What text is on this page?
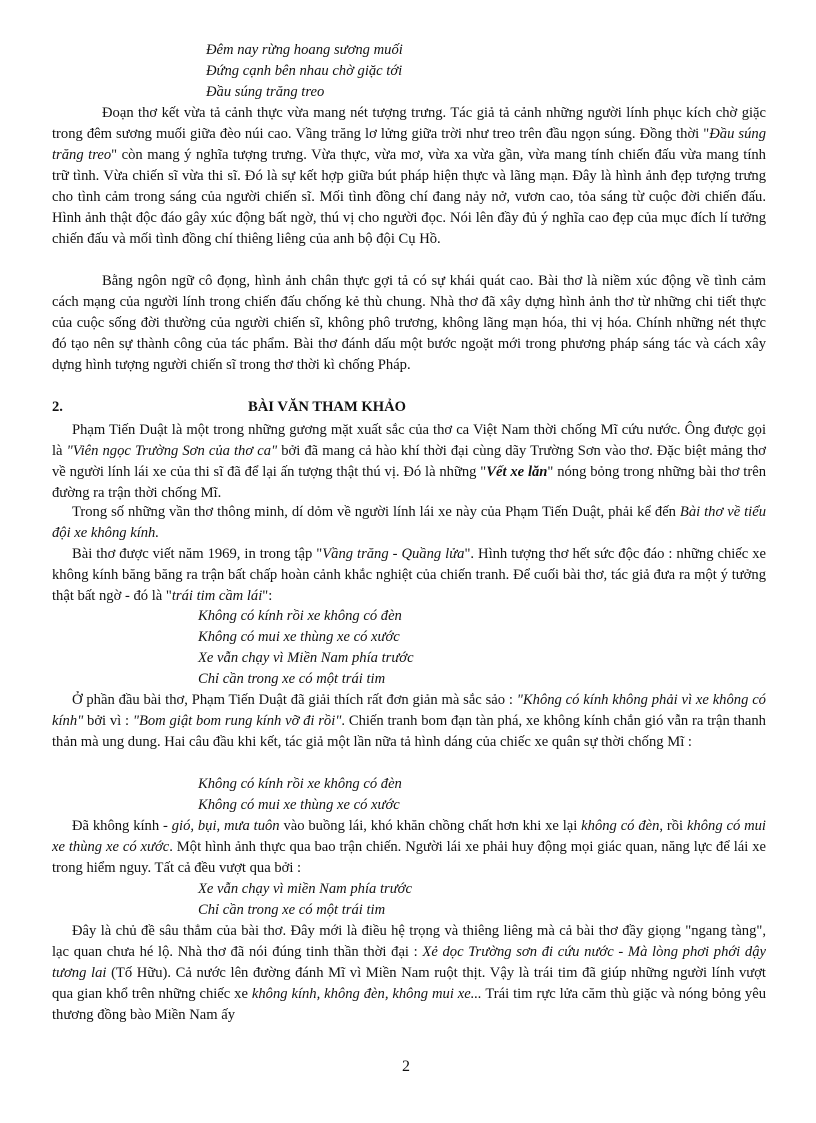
Đêm nay rừng hoang sương muối
Đứng cạnh bên nhau chờ giặc tới
Đầu súng trăng treo

Đoạn thơ kết vừa tả cảnh thực vừa mang nét tượng trưng. Tác giả tả cảnh những người lính phục kích chờ giặc trong đêm sương muối giữa đèo núi cao. Vầng trăng lơ lửng giữa trời như treo trên đầu ngọn súng. Đồng thời "Đầu súng trăng treo" còn mang ý nghĩa tượng trưng. Vừa thực, vừa mơ, vừa xa vừa gần, vừa mang tính chiến đấu vừa mang tính trữ tình. Vừa chiến sĩ vừa thi sĩ. Đó là sự kết hợp giữa bút pháp hiện thực và lãng mạn. Đây là hình ảnh đẹp tượng trưng cho tình cảm trong sáng của người chiến sĩ. Mối tình đồng chí đang nảy nở, vươn cao, tỏa sáng từ cuộc đời chiến đấu. Hình ảnh thật độc đáo gây xúc động bất ngờ, thú vị cho người đọc. Nói lên đầy đủ ý nghĩa cao đẹp của mục đích lí tưởng chiến đấu và mối tình đồng chí thiêng liêng của anh bộ đội Cụ Hồ.

Bằng ngôn ngữ cô đọng, hình ảnh chân thực gợi tả có sự khái quát cao. Bài thơ là niềm xúc động về tình cảm cách mạng của người lính trong chiến đấu chống kẻ thù chung. Nhà thơ đã xây dựng hình ảnh thơ từ những chi tiết thực của cuộc sống đời thường của người chiến sĩ, không phô trương, không lãng mạn hóa, thi vị hóa. Chính những nét thực đó tạo nên sự thành công của tác phẩm. Bài thơ đánh dấu một bước ngoặt mới trong phương pháp sáng tác và cách xây dựng hình tượng người chiến sĩ trong thơ thời kì chống Pháp.

2.	BÀI VĂN THAM KHẢO

Phạm Tiến Duật là một trong những gương mặt xuất sắc của thơ ca Việt Nam thời chống Mĩ cứu nước. Ông được gọi là "Viên ngọc Trường Sơn của thơ ca" bởi đã mang cả hào khí thời đại cùng dãy Trường Sơn vào thơ. Đặc biệt mảng thơ về người lính lái xe của thi sĩ đã để lại ấn tượng thật thú vị. Đó là những "Vết xe lăn" nóng bỏng trong những bài thơ trên đường ra trận thời chống Mĩ.

Trong số những vần thơ thông minh, dí dỏm về người lính lái xe này của Phạm Tiến Duật, phải kể đến Bài thơ về tiểu đội xe không kính.

Bài thơ được viết năm 1969, in trong tập "Vầng trăng - Quầng lửa". Hình tượng thơ hết sức độc đáo : những chiếc xe không kính băng băng ra trận bất chấp hoàn cảnh khắc nghiệt của chiến tranh. Để cuối bài thơ, tác giả đưa ra một ý tưởng thật bất ngờ - đó là "trái tim cầm lái":

Không có kính rồi xe không có đèn
Không có mui xe thùng xe có xước
Xe vẫn chạy vì Miền Nam phía trước
Chỉ cần trong xe có một trái tim

Ở phần đầu bài thơ, Phạm Tiến Duật đã giải thích rất đơn giản mà sắc sảo : "Không có kính không phải vì xe không có kính" bởi vì : "Bom giật bom rung kính vỡ đi rồi". Chiến tranh bom đạn tàn phá, xe không kính chắn gió vẫn ra trận thanh thản mà ung dung. Hai câu đầu khi kết, tác giả một lần nữa tả hình dáng của chiếc xe quân sự thời chống Mĩ :

Không có kính rồi xe không có đèn
Không có mui xe thùng xe có xước

Đã không kính - gió, bụi, mưa tuôn vào buồng lái, khó khăn chồng chất hơn khi xe lại không có đèn, rồi không có mui xe thùng xe có xước. Một hình ảnh thực qua bao trận chiến. Người lái xe phải huy động mọi giác quan, năng lực để lái xe trong hiểm nguy. Tất cả đều vượt qua bởi :

Xe vẫn chạy vì miền Nam phía trước
Chỉ cần trong xe có một trái tim

Đây là chủ đề sâu thẳm của bài thơ. Đây mới là điều hệ trọng và thiêng liêng mà cả bài thơ đầy giọng "ngang tàng", lạc quan chưa hé lộ. Nhà thơ đã nói đúng tinh thần thời đại : Xẻ dọc Trường sơn đi cứu nước - Mà lòng phơi phới dậy tương lai (Tố Hữu). Cả nước lên đường đánh Mĩ vì Miền Nam ruột thịt. Vậy là trái tim đã giúp những người lính vượt qua gian khổ trên những chiếc xe không kính, không đèn, không mui xe... Trái tim rực lửa căm thù giặc và nóng bỏng yêu thương đồng bào Miền Nam ấy

2
